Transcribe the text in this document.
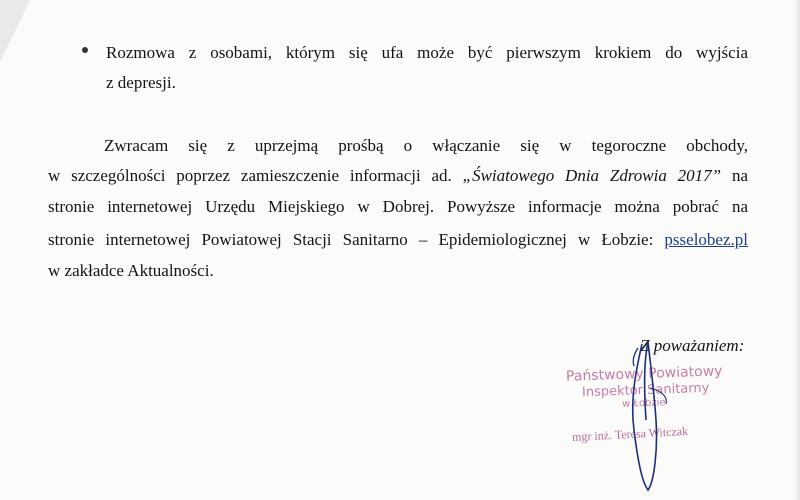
Rozmowa z osobami, którym się ufa może być pierwszym krokiem do wyjścia
z depresji.
Zwracam się z uprzejmą prośbą o włączanie się w tegoroczne obchody,
w szczególności poprzez zamieszczenie informacji ad. „Światowego Dnia Zdrowia 2017” na
stronie internetowej Urzędu Miejskiego w Dobrej. Powyższe informacje można pobrać na
stronie internetowej Powiatowej Stacji Sanitarno – Epidemiologicznej w Łobzie: psselobez.pl
w zakładce Aktualności.
Z poważaniem:
Państwowy Powiatowy
Inspektor Sanitarny
w Łobzie
mgr inż. Teresa Witczak
